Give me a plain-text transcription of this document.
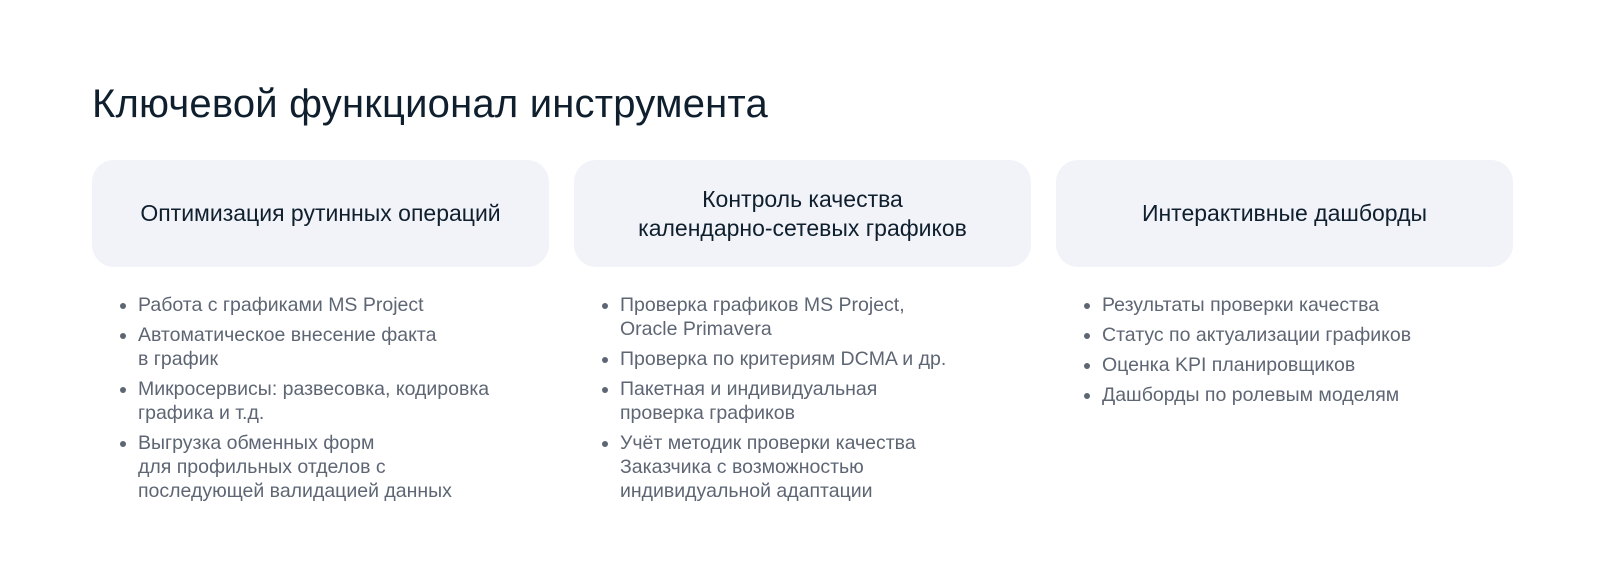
Ключевой функционал инструмента
Оптимизация рутинных операций
Работа с графиками MS Project
Автоматическое внесение факта
в график
Микросервисы: развесовка, кодировка
графика и т.д.
Выгрузка обменных форм
для профильных отделов с
последующей валидацией данных
Контроль качества
календарно-сетевых графиков
Проверка графиков MS Project,
Oracle Primavera
Проверка по критериям DCMA и др.
Пакетная и индивидуальная
проверка графиков
Учёт методик проверки качества
Заказчика с возможностью
индивидуальной адаптации
Интерактивные дашборды
Результаты проверки качества
Статус по актуализации графиков
Оценка KPI планировщиков
Дашборды по ролевым моделям
